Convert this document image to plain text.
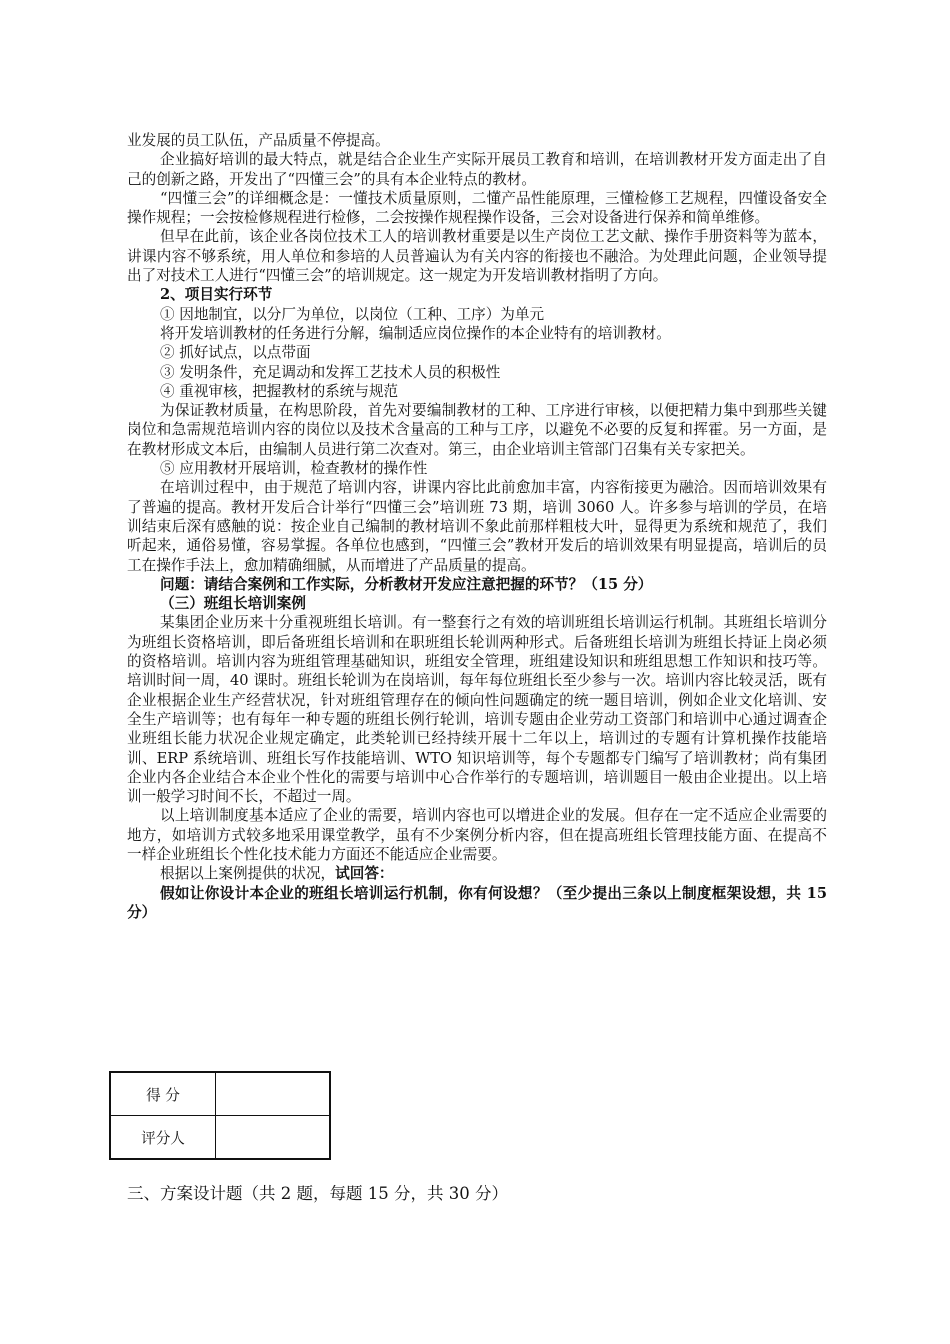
业发展的员工队伍，产品质量不停提高。

企业搞好培训的最大特点，就是结合企业生产实际开展员工教育和培训，在培训教材开发方面走出了自己的创新之路，开发出了“四懂三会”的具有本企业特点的教材。

“四懂三会”的详细概念是：一懂技术质量原则，二懂产品性能原理，三懂检修工艺规程，四懂设备安全操作规程；一会按检修规程进行检修，二会按操作规程操作设备，三会对设备进行保养和简单维修。

但早在此前，该企业各岗位技术工人的培训教材重要是以生产岗位工艺文献、操作手册资料等为蓝本，讲课内容不够系统，用人单位和参培的人员普遍认为有关内容的衔接也不融洽。为处理此问题，企业领导提出了对技术工人进行“四懂三会”的培训规定。这一规定为开发培训教材指明了方向。

2、项目实行环节

① 因地制宜，以分厂为单位，以岗位（工种、工序）为单元

将开发培训教材的任务进行分解，编制适应岗位操作的本企业特有的培训教材。

② 抓好试点，以点带面

③ 发明条件，充足调动和发挥工艺技术人员的积极性

④ 重视审核，把握教材的系统与规范

为保证教材质量，在构思阶段，首先对要编制教材的工种、工序进行审核，以便把精力集中到那些关键岗位和急需规范培训内容的岗位以及技术含量高的工种与工序，以避免不必要的反复和挥霍。另一方面，是在教材形成文本后，由编制人员进行第二次查对。第三，由企业培训主管部门召集有关专家把关。

⑤ 应用教材开展培训，检查教材的操作性

在培训过程中，由于规范了培训内容，讲课内容比此前愈加丰富，内容衔接更为融洽。因而培训效果有了普遍的提高。教材开发后合计举行“四懂三会”培训班 73 期，培训 3060 人。许多参与培训的学员，在培训结束后深有感触的说：按企业自己编制的教材培训不象此前那样粗枝大叶，显得更为系统和规范了，我们听起来，通俗易懂，容易掌握。各单位也感到，“四懂三会”教材开发后的培训效果有明显提高，培训后的员工在操作手法上，愈加精确细腻，从而增进了产品质量的提高。

问题：请结合案例和工作实际，分析教材开发应注意把握的环节？（15 分）

（三）班组长培训案例

某集团企业历来十分重视班组长培训。有一整套行之有效的培训班组长培训运行机制。其班组长培训分为班组长资格培训，即后备班组长培训和在职班组长轮训两种形式。后备班组长培训为班组长持证上岗必须的资格培训。培训内容为班组管理基础知识，班组安全管理，班组建设知识和班组思想工作知识和技巧等。培训时间一周，40 课时。班组长轮训为在岗培训，每年每位班组长至少参与一次。培训内容比较灵活，既有企业根据企业生产经营状况，针对班组管理存在的倾向性问题确定的统一题目培训，例如企业文化培训、安全生产培训等；也有每年一种专题的班组长例行轮训，培训专题由企业劳动工资部门和培训中心通过调查企业班组长能力状况企业规定确定，此类轮训已经持续开展十二年以上，培训过的专题有计算机操作技能培训、ERP 系统培训、班组长写作技能培训、WTO 知识培训等，每个专题都专门编写了培训教材；尚有集团企业内各企业结合本企业个性化的需要与培训中心合作举行的专题培训，培训题目一般由企业提出。以上培训一般学习时间不长，不超过一周。

以上培训制度基本适应了企业的需要，培训内容也可以增进企业的发展。但存在一定不适应企业需要的地方，如培训方式较多地采用课堂教学，虽有不少案例分析内容，但在提高班组长管理技能方面、在提高不一样企业班组长个性化技术能力方面还不能适应企业需要。

根据以上案例提供的状况，试回答：

假如让你设计本企业的班组长培训运行机制，你有何设想？（至少提出三条以上制度框架设想，共 15 分）

得 分	
评分人	
三、方案设计题（共 2 题，每题 15 分，共 30 分）
